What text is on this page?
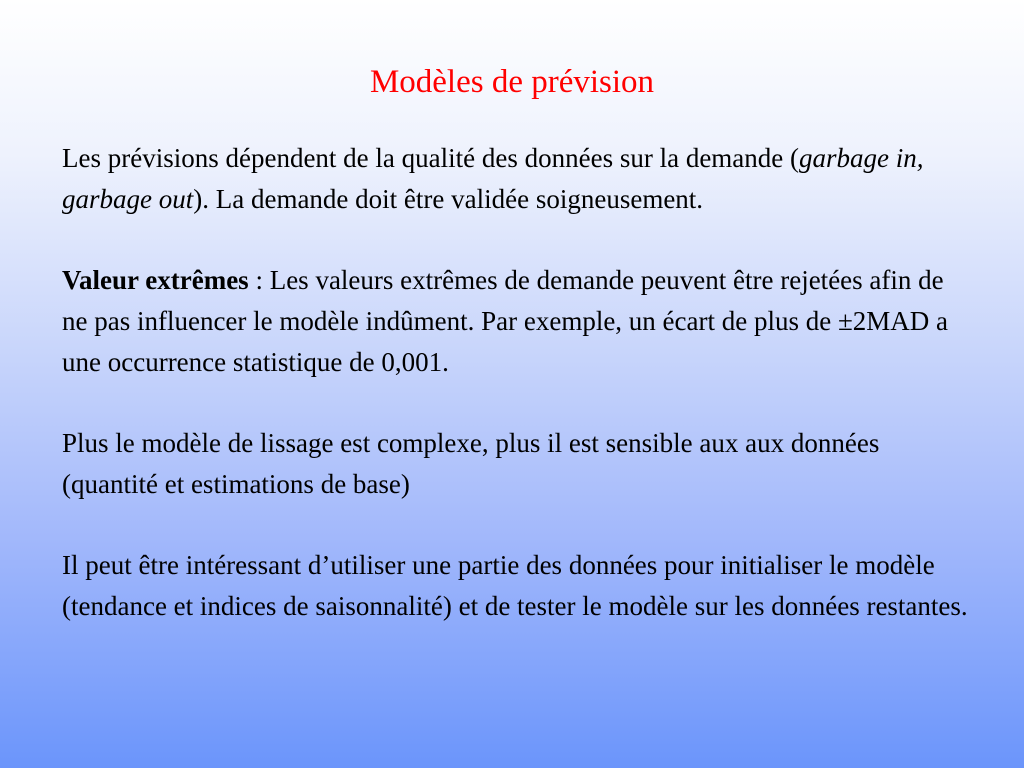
Modèles de prévision

Les prévisions dépendent de la qualité des données sur la demande (garbage in, garbage out). La demande doit être validée soigneusement.

Valeur extrêmes : Les valeurs extrêmes de demande peuvent être rejetées afin de ne pas influencer le modèle indûment. Par exemple, un écart de plus de ±2MAD a une occurrence statistique de 0,001.

Plus le modèle de lissage est complexe, plus il est sensible aux aux données (quantité et estimations de base)

Il peut être intéressant d’utiliser une partie des données pour initialiser le modèle (tendance et indices de saisonnalité) et de tester le modèle sur les données restantes.
